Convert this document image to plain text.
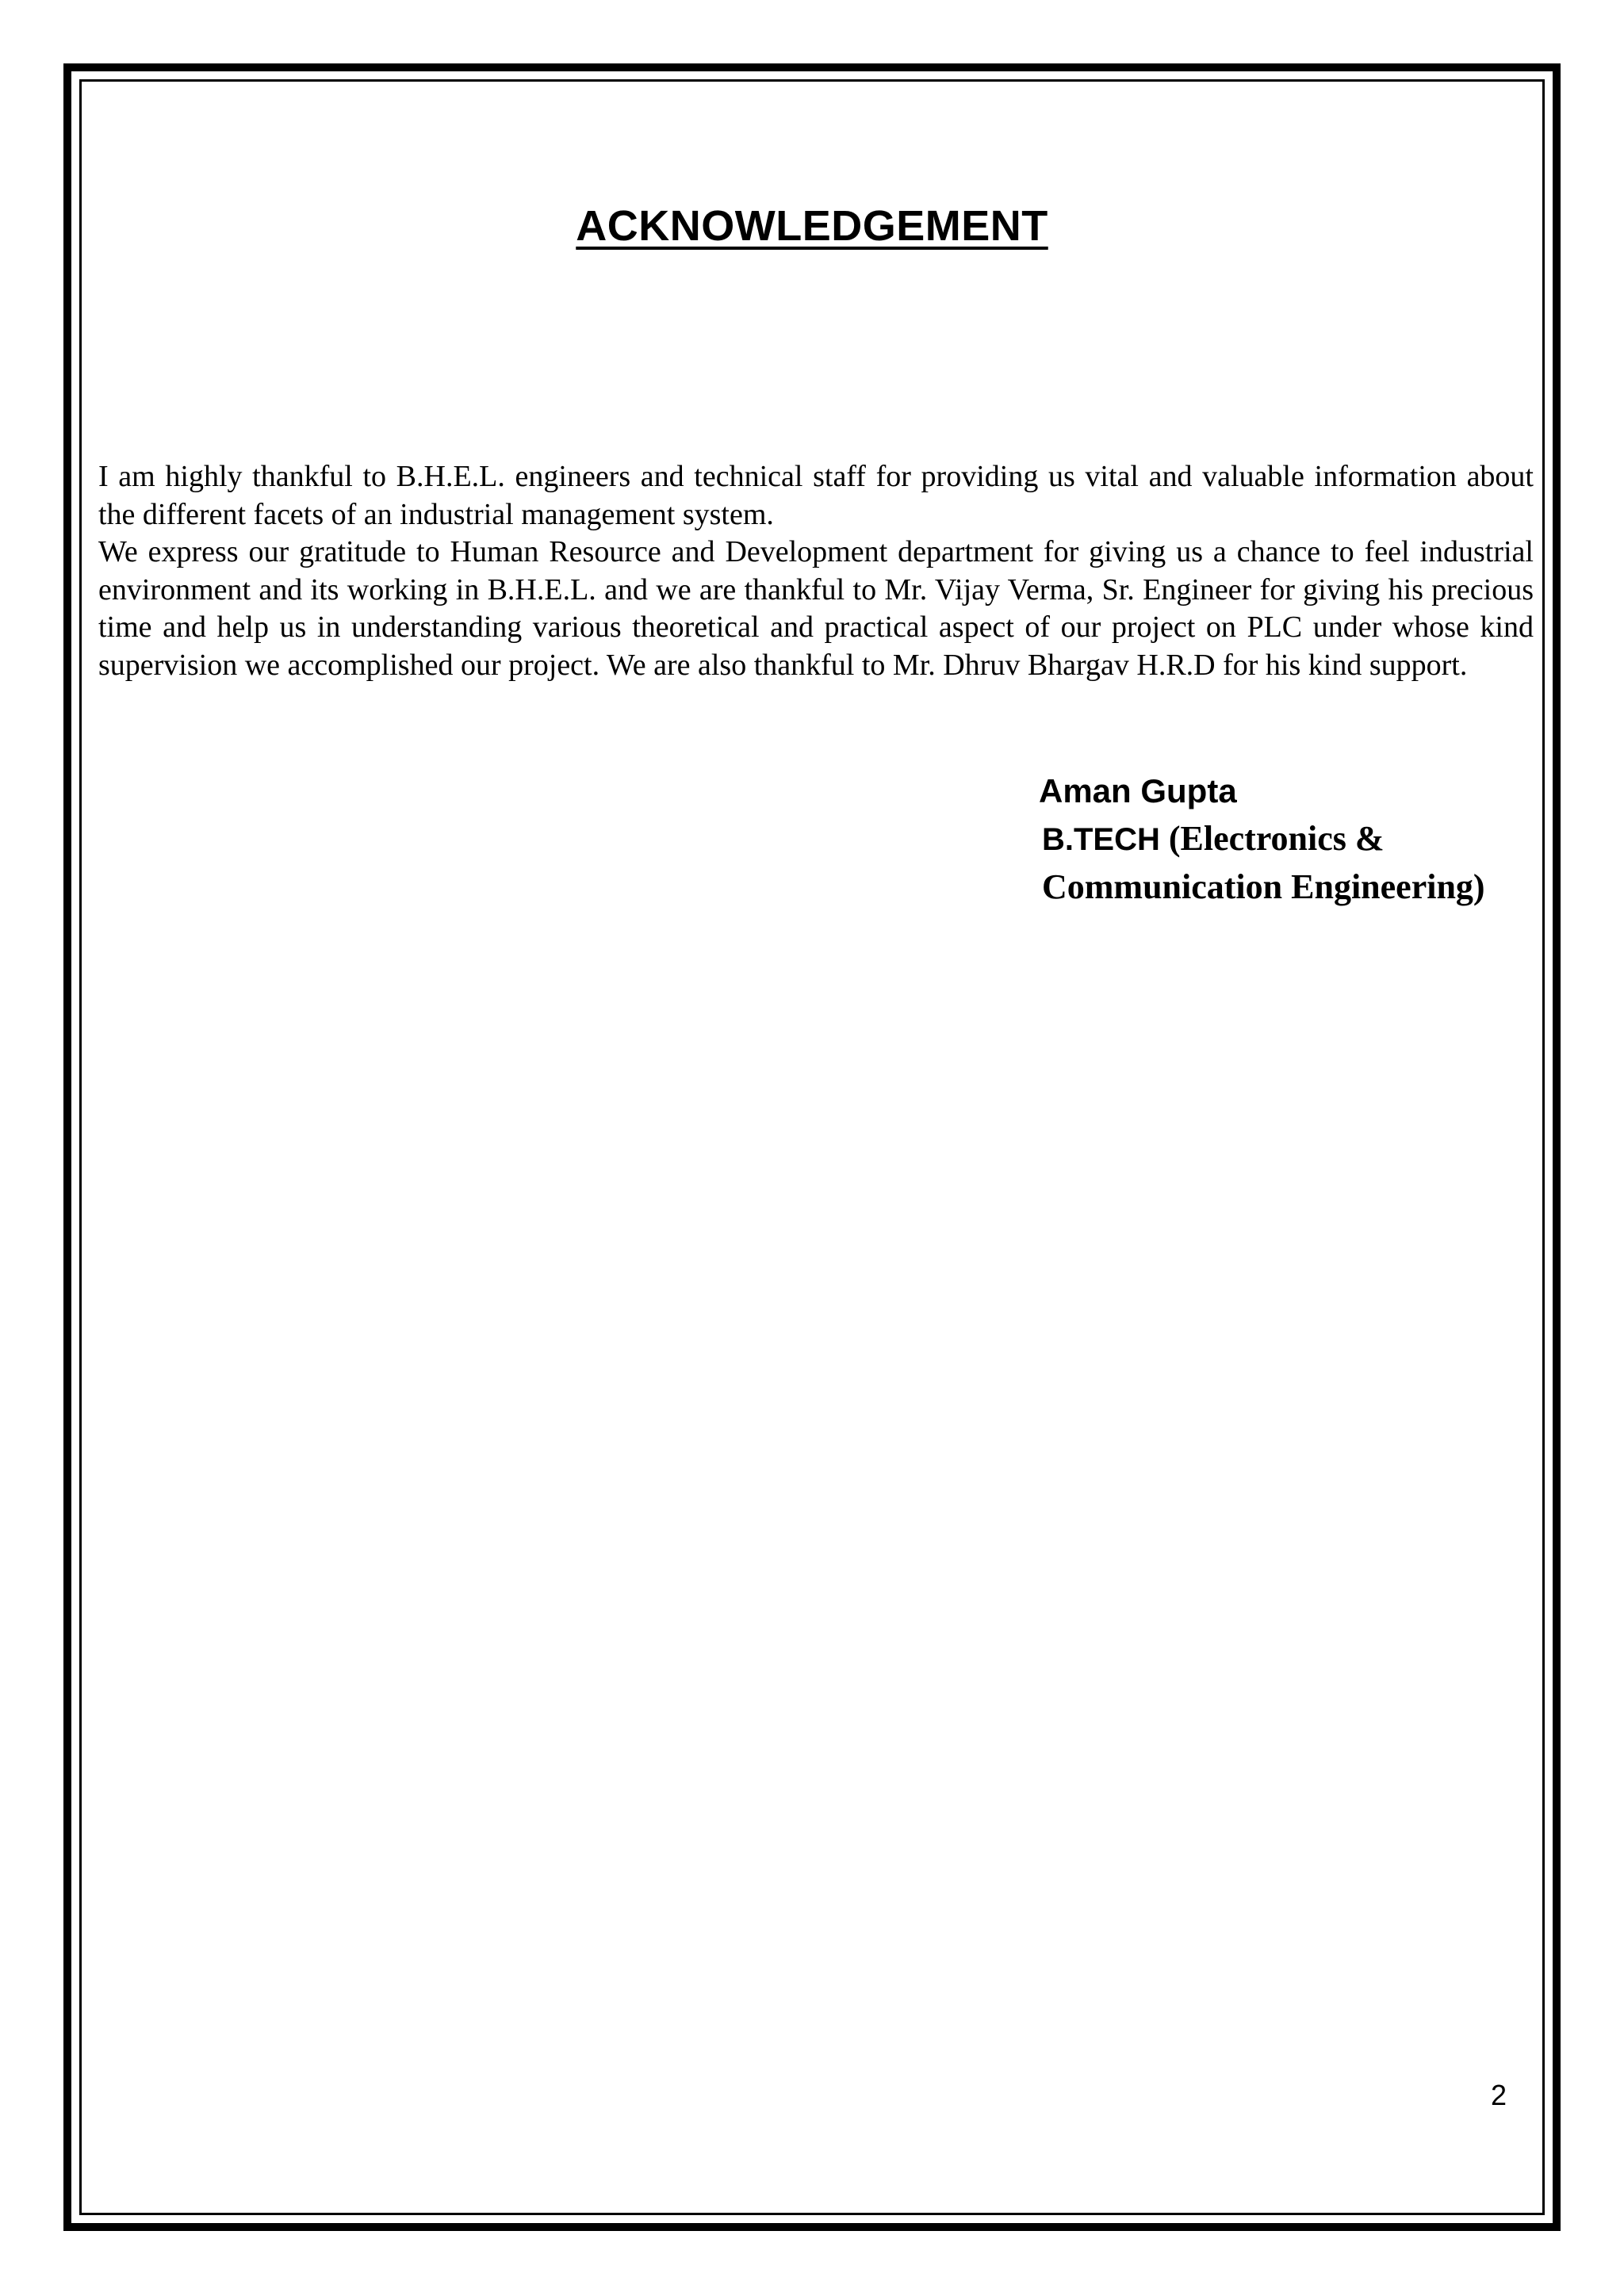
ACKNOWLEDGEMENT

I am highly thankful to B.H.E.L. engineers and technical staff for providing us vital and valuable information about the different facets of an industrial management system.

We express our gratitude to Human Resource and Development department for giving us a chance to feel industrial environment and its working in B.H.E.L. and we are thankful to Mr. Vijay Verma, Sr. Engineer for giving his precious time and help us in understanding various theoretical and practical aspect of our project on PLC under whose kind supervision we accomplished our project. We are also thankful to Mr. Dhruv Bhargav H.R.D for his kind support.

Aman Gupta

B.TECH (Electronics &
Communication Engineering)

2
